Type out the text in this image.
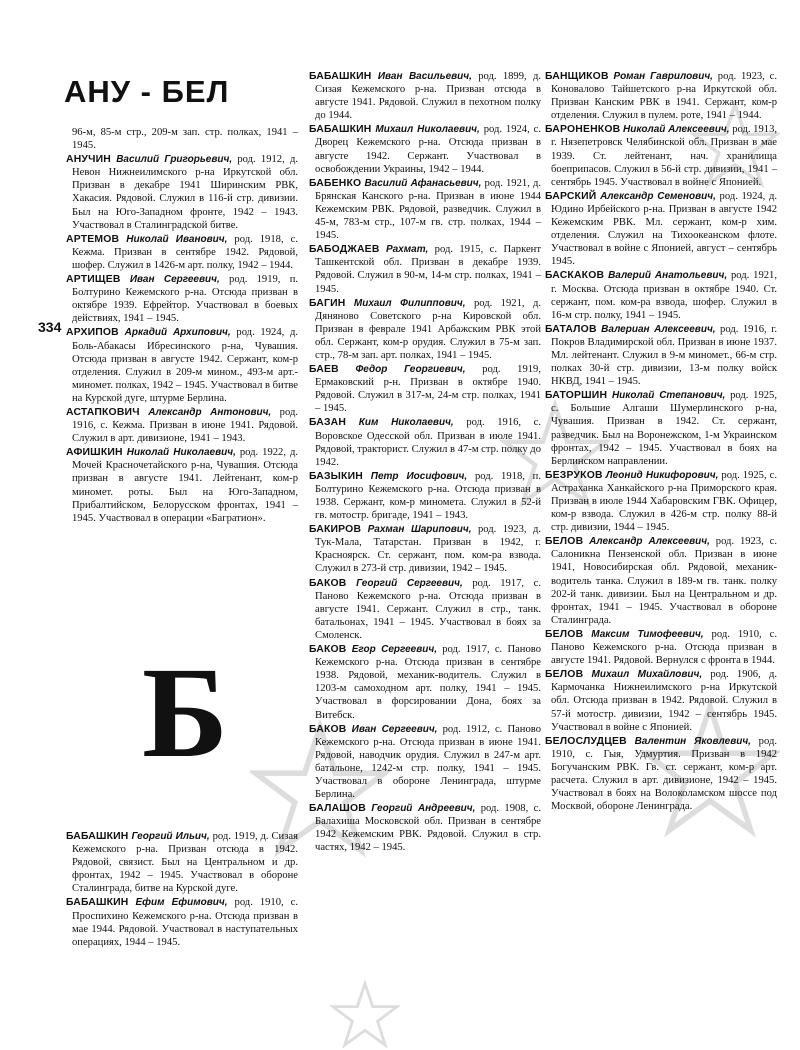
АНУ - БЕЛ
334
Б
96-м, 85-м стр., 209-м зап. стр. полках, 1941 – 1945.
АНУЧИН Василий Григорьевич, род. 1912, д. Невон Нижнеилимского р-на Иркутской обл. Призван в декабре 1941 Ширинским РВК, Хакасия. Рядовой. Служил в 116-й стр. дивизии. Был на Юго-Западном фронте, 1942 – 1943. Участвовал в Сталинградской битве.
АРТЕМОВ Николай Иванович, род. 1918, с. Кежма. Призван в сентябре 1942. Рядовой, шофер. Служил в 1426-м арт. полку, 1942 – 1944.
АРТИЩЕВ Иван Сергеевич, род. 1919, п. Болтурино Кежемского р-на. Отсюда призван в октябре 1939. Ефрейтор. Участвовал в боевых действиях, 1941 – 1945.
АРХИПОВ Аркадий Архипович, род. 1924, д. Боль-Абакасы Ибресинского р-на, Чувашия. Отсюда призван в августе 1942. Сержант, ком-р отделения. Служил в 209-м мином., 493-м арт.-миномет. полках, 1942 – 1945. Участвовал в битве на Курской дуге, штурме Берлина.
АСТАПКОВИЧ Александр Антонович, род. 1916, с. Кежма. Призван в июне 1941. Рядовой. Служил в арт. дивизионе, 1941 – 1943.
АФИШКИН Николай Николаевич, род. 1922, д. Мочей Красночетайского р-на, Чувашия. Отсюда призван в августе 1941. Лейтенант, ком-р миномет. роты. Был на Юго-Западном, Прибалтийском, Белорусском фронтах, 1941 – 1945. Участвовал в операции «Багратион».
БАБАШКИН Георгий Ильич, род. 1919, д. Сизая Кежемского р-на. Призван отсюда в 1942. Рядовой, связист. Был на Центральном и др. фронтах, 1942 – 1945. Участвовал в обороне Сталинграда, битве на Курской дуге.
БАБАШКИН Ефим Ефимович, род. 1910, с. Проспихино Кежемского р-на. Отсюда призван в мае 1944. Рядовой. Участвовал в наступательных операциях, 1944 – 1945.
БАБАШКИН Иван Васильевич, род. 1899, д. Сизая Кежемского р-на. Призван отсюда в августе 1941. Рядовой. Служил в пехотном полку до 1944.
БАБАШКИН Михаил Николаевич, род. 1924, с. Дворец Кежемского р-на. Отсюда призван в августе 1942. Сержант. Участвовал в освобождении Украины, 1942 – 1944.
БАБЕНКО Василий Афанасьевич, род. 1921, д. Брянская Канского р-на. Призван в июне 1944 Кежемским РВК. Рядовой, разведчик. Служил в 45-м, 783-м стр., 107-м гв. стр. полках, 1944 – 1945.
БАБОДЖАЕВ Рахмат, род. 1915, с. Паркент Ташкентской обл. Призван в декабре 1939. Рядовой. Служил в 90-м, 14-м стр. полках, 1941 – 1945.
БАГИН Михаил Филиппович, род. 1921, д. Дяняново Советского р-на Кировской обл. Призван в феврале 1941 Арбажским РВК этой обл. Сержант, ком-р орудия. Служил в 75-м зап. стр., 78-м зап. арт. полках, 1941 – 1945.
БАЕВ Федор Георгиевич, род. 1919, Ермаковский р-н. Призван в октябре 1940. Рядовой. Служил в 317-м, 24-м стр. полках, 1941 – 1945.
БАЗАН Ким Николаевич, род. 1916, с. Воровское Одесской обл. Призван в июле 1941. Рядовой, тракторист. Служил в 47-м стр. полку до 1942.
БАЗЫКИН Петр Иосифович, род. 1918, п. Болтурино Кежемского р-на. Отсюда призван в 1938. Сержант, ком-р миномета. Служил в 52-й гв. мотостр. бригаде, 1941 – 1943.
БАКИРОВ Рахман Шарипович, род. 1923, д. Тук-Мала, Татарстан. Призван в 1942, г. Красноярск. Ст. сержант, пом. ком-ра взвода. Служил в 273-й стр. дивизии, 1942 – 1945.
БАКОВ Георгий Сергеевич, род. 1917, с. Паново Кежемского р-на. Отсюда призван в августе 1941. Сержант. Служил в стр., танк. батальонах, 1941 – 1945. Участвовал в боях за Смоленск.
БАКОВ Егор Сергеевич, род. 1917, с. Паново Кежемского р-на. Отсюда призван в сентябре 1938. Рядовой, механик-водитель. Служил в 1203-м самоходном арт. полку, 1941 – 1945. Участвовал в форсировании Дона, боях за Витебск.
БАКОВ Иван Сергеевич, род. 1912, с. Паново Кежемского р-на. Отсюда призван в июне 1941. Рядовой, наводчик орудия. Служил в 247-м арт. батальоне, 1242-м стр. полку, 1941 – 1945. Участвовал в обороне Ленинграда, штурме Берлина.
БАЛАШОВ Георгий Андреевич, род. 1908, с. Балахиша Московской обл. Призван в сентябре 1942 Кежемским РВК. Рядовой. Служил в стр. частях, 1942 – 1945.
БАНЩИКОВ Роман Гаврилович, род. 1923, с. Коновалово Тайшетского р-на Иркутской обл. Призван Канским РВК в 1941. Сержант, ком-р отделения. Служил в пулем. роте, 1941 – 1944.
БАРОНЕНКОВ Николай Алексеевич, род. 1913, г. Нязепетровск Челябинской обл. Призван в мае 1939. Ст. лейтенант, нач. хранилища боеприпасов. Служил в 56-й стр. дивизии, 1941 – сентябрь 1945. Участвовал в войне с Японией.
БАРСКИЙ Александр Семенович, род. 1924, д. Юдино Ирбейского р-на. Призван в августе 1942 Кежемским РВК. Мл. сержант, ком-р хим. отделения. Служил на Тихоокеанском флоте. Участвовал в войне с Японией, август – сентябрь 1945.
БАСКАКОВ Валерий Анатольевич, род. 1921, г. Москва. Отсюда призван в октябре 1940. Ст. сержант, пом. ком-ра взвода, шофер. Служил в 16-м стр. полку, 1941 – 1945.
БАТАЛОВ Валериан Алексеевич, род. 1916, г. Покров Владимирской обл. Призван в июне 1937. Мл. лейтенант. Служил в 9-м миномет., 66-м стр. полках 30-й стр. дивизии, 13-м полку войск НКВД, 1941 – 1945.
БАТОРШИН Николай Степанович, род. 1925, с. Большие Алгаши Шумерлинского р-на, Чувашия. Призван в 1942. Ст. сержант, разведчик. Был на Воронежском, 1-м Украинском фронтах, 1942 – 1945. Участвовал в боях на Берлинском направлении.
БЕЗРУКОВ Леонид Никифорович, род. 1925, с. Астраханка Ханкайского р-на Приморского края. Призван в июле 1944 Хабаровским ГВК. Офицер, ком-р взвода. Служил в 426-м стр. полку 88-й стр. дивизии, 1944 – 1945.
БЕЛОВ Александр Алексеевич, род. 1923, с. Салоникна Пензенской обл. Призван в июне 1941, Новосибирская обл. Рядовой, механик-водитель танка. Служил в 189-м гв. танк. полку 202-й танк. дивизии. Был на Центральном и др. фронтах, 1941 – 1945. Участвовал в обороне Сталинграда.
БЕЛОВ Максим Тимофеевич, род. 1910, с. Паново Кежемского р-на. Отсюда призван в августе 1941. Рядовой. Вернулся с фронта в 1944.
БЕЛОВ Михаил Михайлович, род. 1906, д. Кармочанка Нижнеилимского р-на Иркутской обл. Отсюда призван в 1942. Рядовой. Служил в 57-й мотостр. дивизии, 1942 – сентябрь 1945. Участвовал в войне с Японией.
БЕЛОСЛУДЦЕВ Валентин Яковлевич, род. 1910, с. Гыя, Удмуртия. Призван в 1942 Богучанским РВК. Гв. ст. сержант, ком-р арт. расчета. Служил в арт. дивизионе, 1942 – 1945. Участвовал в боях на Волоколамском шоссе под Москвой, обороне Ленинграда.
